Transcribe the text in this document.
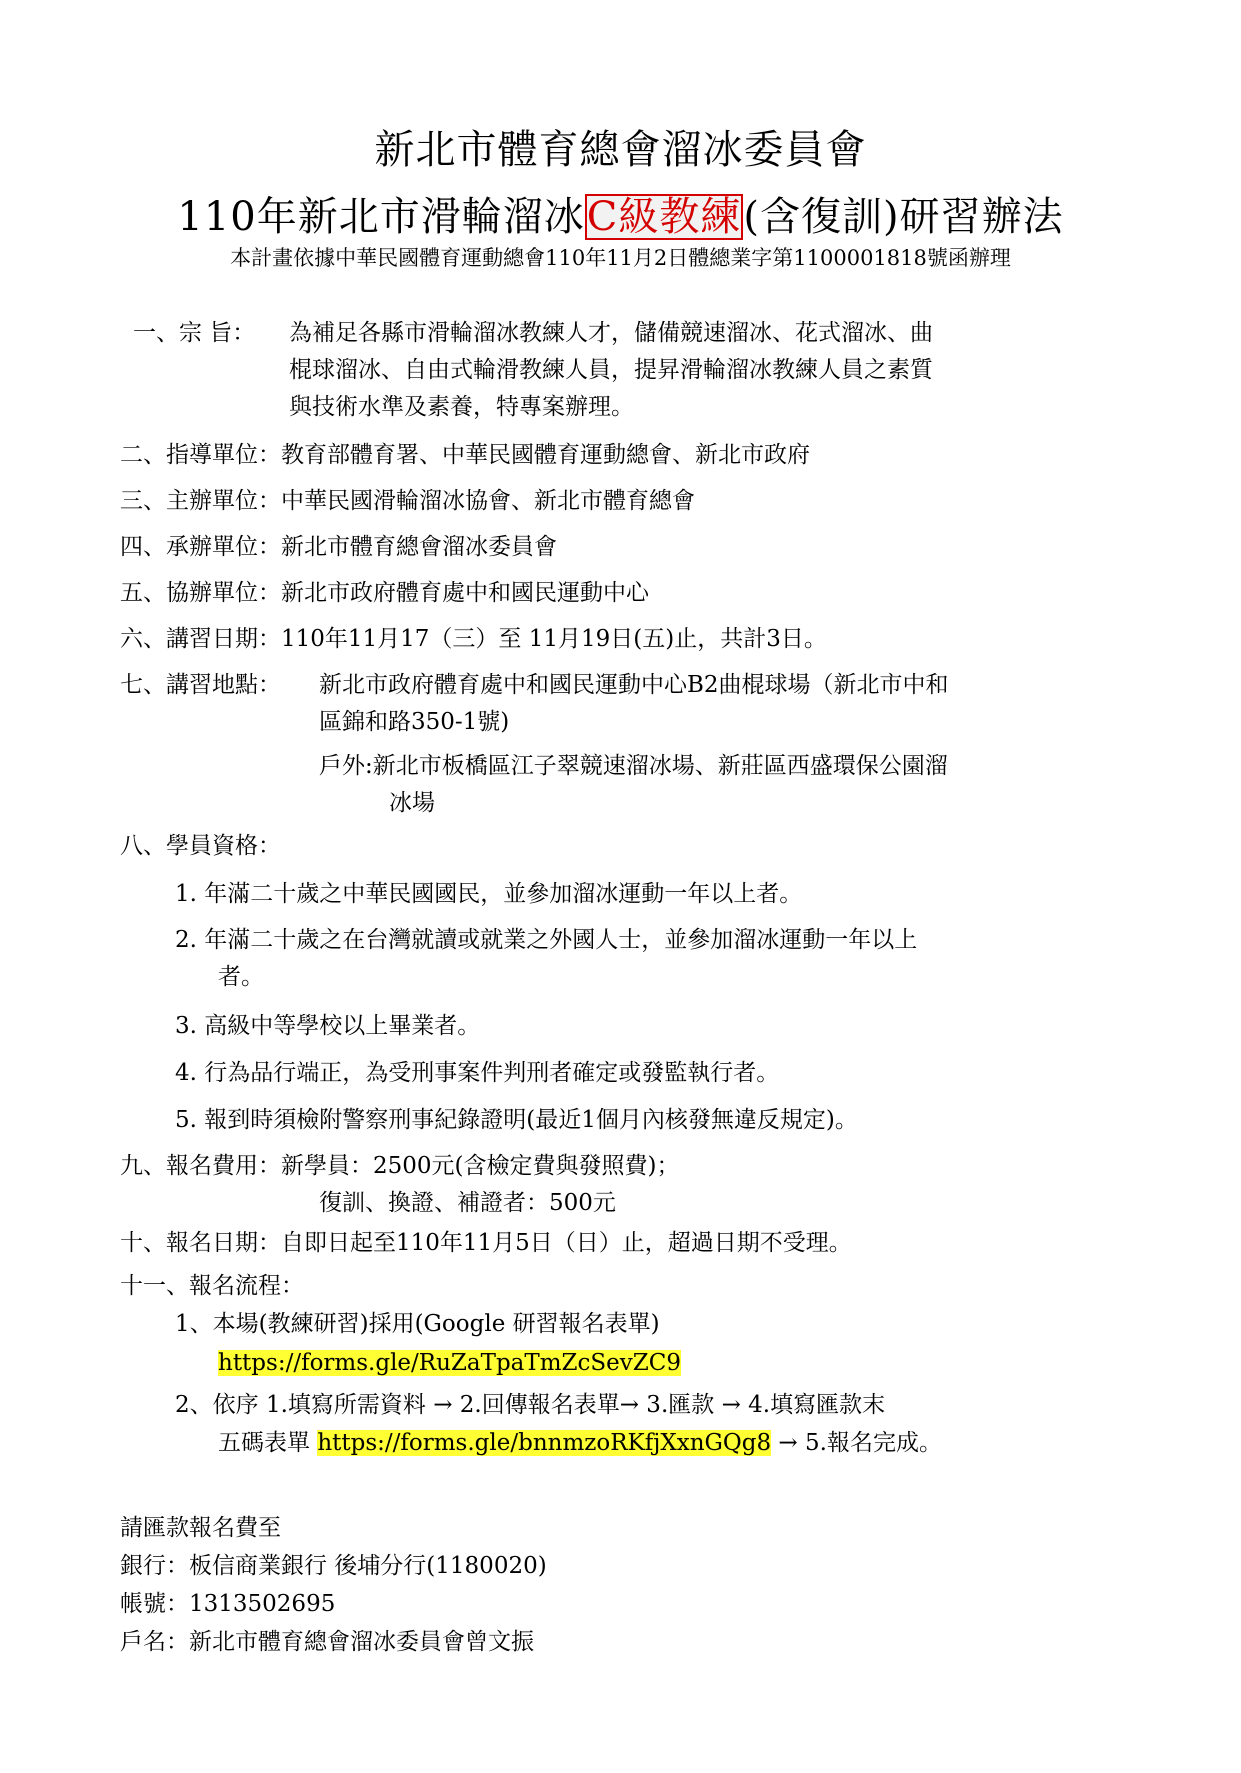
新北市體育總會溜冰委員會
110年新北市滑輪溜冰C級教練(含復訓)研習辦法
本計畫依據中華民國體育運動總會110年11月2日體總業字第1100001818號函辦理
一、宗 旨： 為補足各縣市滑輪溜冰教練人才，儲備競速溜冰、花式溜冰、曲
棍球溜冰、自由式輪滑教練人員，提昇滑輪溜冰教練人員之素質
與技術水準及素養，特專案辦理。
二、指導單位：教育部體育署、中華民國體育運動總會、新北市政府
三、主辦單位：中華民國滑輪溜冰協會、新北市體育總會
四、承辦單位：新北市體育總會溜冰委員會
五、協辦單位：新北市政府體育處中和國民運動中心
六、講習日期：110年11月17（三）至 11月19日(五)止，共計3日。
七、講習地點： 新北市政府體育處中和國民運動中心B2曲棍球場（新北市中和
區錦和路350-1號)
戶外:新北市板橋區江子翠競速溜冰場、新莊區西盛環保公園溜
冰場
八、學員資格：
1. 年滿二十歲之中華民國國民，並參加溜冰運動一年以上者。
2. 年滿二十歲之在台灣就讀或就業之外國人士，並參加溜冰運動一年以上
者。
3. 高級中等學校以上畢業者。
4. 行為品行端正，為受刑事案件判刑者確定或發監執行者。
5. 報到時須檢附警察刑事紀錄證明(最近1個月內核發無違反規定)。
九、報名費用：新學員：2500元(含檢定費與發照費)；
復訓、換證、補證者：500元
十、報名日期：自即日起至110年11月5日（日）止，超過日期不受理。
十一、報名流程：
1、本場(教練研習)採用(Google 研習報名表單)
https://forms.gle/RuZaTpaTmZcSevZC9
2、依序 1.填寫所需資料 → 2.回傳報名表單→ 3.匯款 → 4.填寫匯款末
五碼表單 https://forms.gle/bnnmzoRKfjXxnGQg8 → 5.報名完成。
請匯款報名費至
銀行：板信商業銀行 後埔分行(1180020)
帳號：1313502695
戶名：新北市體育總會溜冰委員會曾文振
